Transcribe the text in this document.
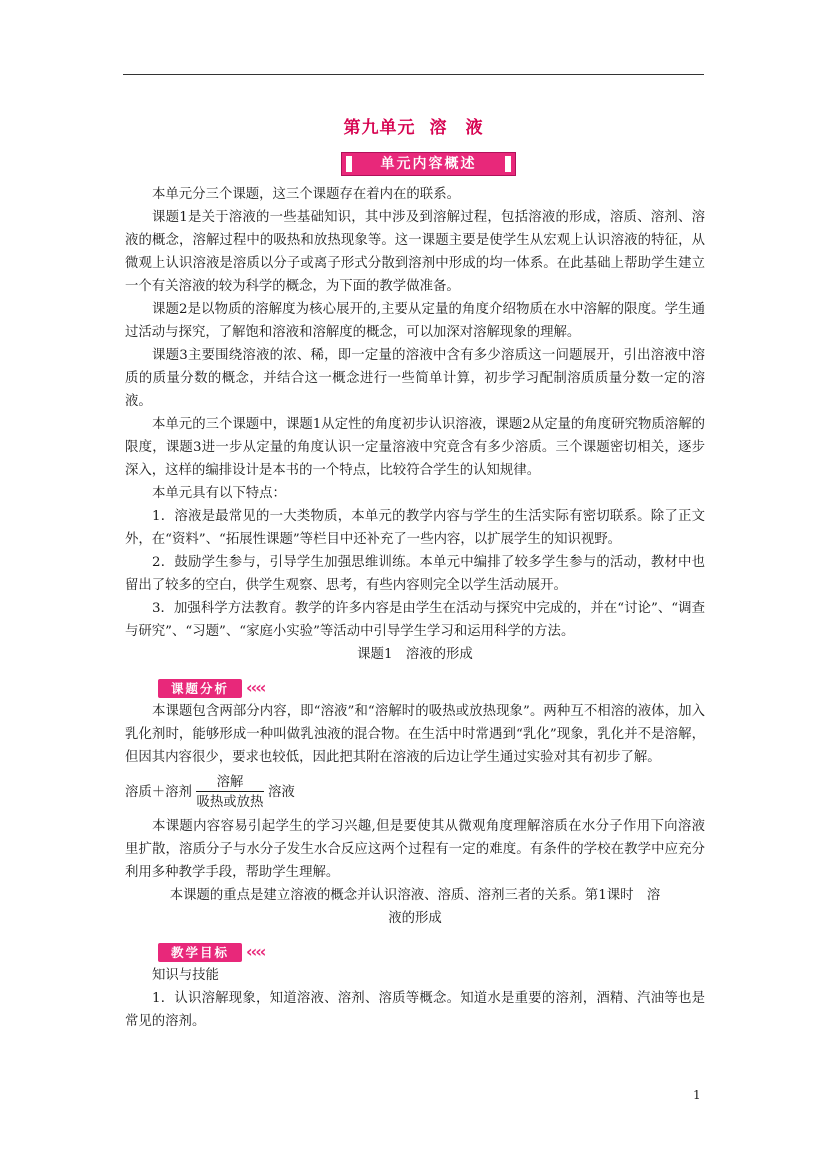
第九单元 溶　液
单元内容概述

本单元分三个课题，这三个课题存在着内在的联系。

课题1是关于溶液的一些基础知识，其中涉及到溶解过程，包括溶液的形成，溶质、溶剂、溶液的概念，溶解过程中的吸热和放热现象等。这一课题主要是使学生从宏观上认识溶液的特征，从微观上认识溶液是溶质以分子或离子形式分散到溶剂中形成的均一体系。在此基础上帮助学生建立一个有关溶液的较为科学的概念，为下面的教学做准备。

课题2是以物质的溶解度为核心展开的,主要从定量的角度介绍物质在水中溶解的限度。学生通过活动与探究，了解饱和溶液和溶解度的概念，可以加深对溶解现象的理解。

课题3主要围绕溶液的浓、稀，即一定量的溶液中含有多少溶质这一问题展开，引出溶液中溶质的质量分数的概念，并结合这一概念进行一些简单计算，初步学习配制溶质质量分数一定的溶液。

本单元的三个课题中，课题1从定性的角度初步认识溶液，课题2从定量的角度研究物质溶解的限度，课题3进一步从定量的角度认识一定量溶液中究竟含有多少溶质。三个课题密切相关，逐步深入，这样的编排设计是本书的一个特点，比较符合学生的认知规律。

本单元具有以下特点：

1．溶液是最常见的一大类物质，本单元的教学内容与学生的生活实际有密切联系。除了正文外，在“资料”、“拓展性课题”等栏目中还补充了一些内容，以扩展学生的知识视野。

2．鼓励学生参与，引导学生加强思维训练。本单元中编排了较多学生参与的活动，教材中也留出了较多的空白，供学生观察、思考，有些内容则完全以学生活动展开。

3．加强科学方法教育。教学的许多内容是由学生在活动与探究中完成的，并在“讨论”、“调查与研究”、“习题”、“家庭小实验”等活动中引导学生学习和运用科学的方法。

课题1　溶液的形成

课题分析	‹‹‹‹

本课题包含两部分内容，即“溶液”和“溶解时的吸热或放热现象”。两种互不相溶的液体，加入乳化剂时，能够形成一种叫做乳浊液的混合物。在生活中时常遇到“乳化”现象，乳化并不是溶解，但因其内容很少，要求也较低，因此把其附在溶液的后边让学生通过实验对其有初步了解。

溶质＋溶剂
溶解
吸热或放热
溶液

本课题内容容易引起学生的学习兴趣,但是要使其从微观角度理解溶质在水分子作用下向溶液里扩散，溶质分子与水分子发生水合反应这两个过程有一定的难度。有条件的学校在教学中应充分利用多种教学手段，帮助学生理解。

本课题的重点是建立溶液的概念并认识溶液、溶质、溶剂三者的关系。第1课时　溶

液的形成

教学目标	‹‹‹‹

知识与技能

1．认识溶解现象，知道溶液、溶剂、溶质等概念。知道水是重要的溶剂，酒精、汽油等也是常见的溶剂。

1
